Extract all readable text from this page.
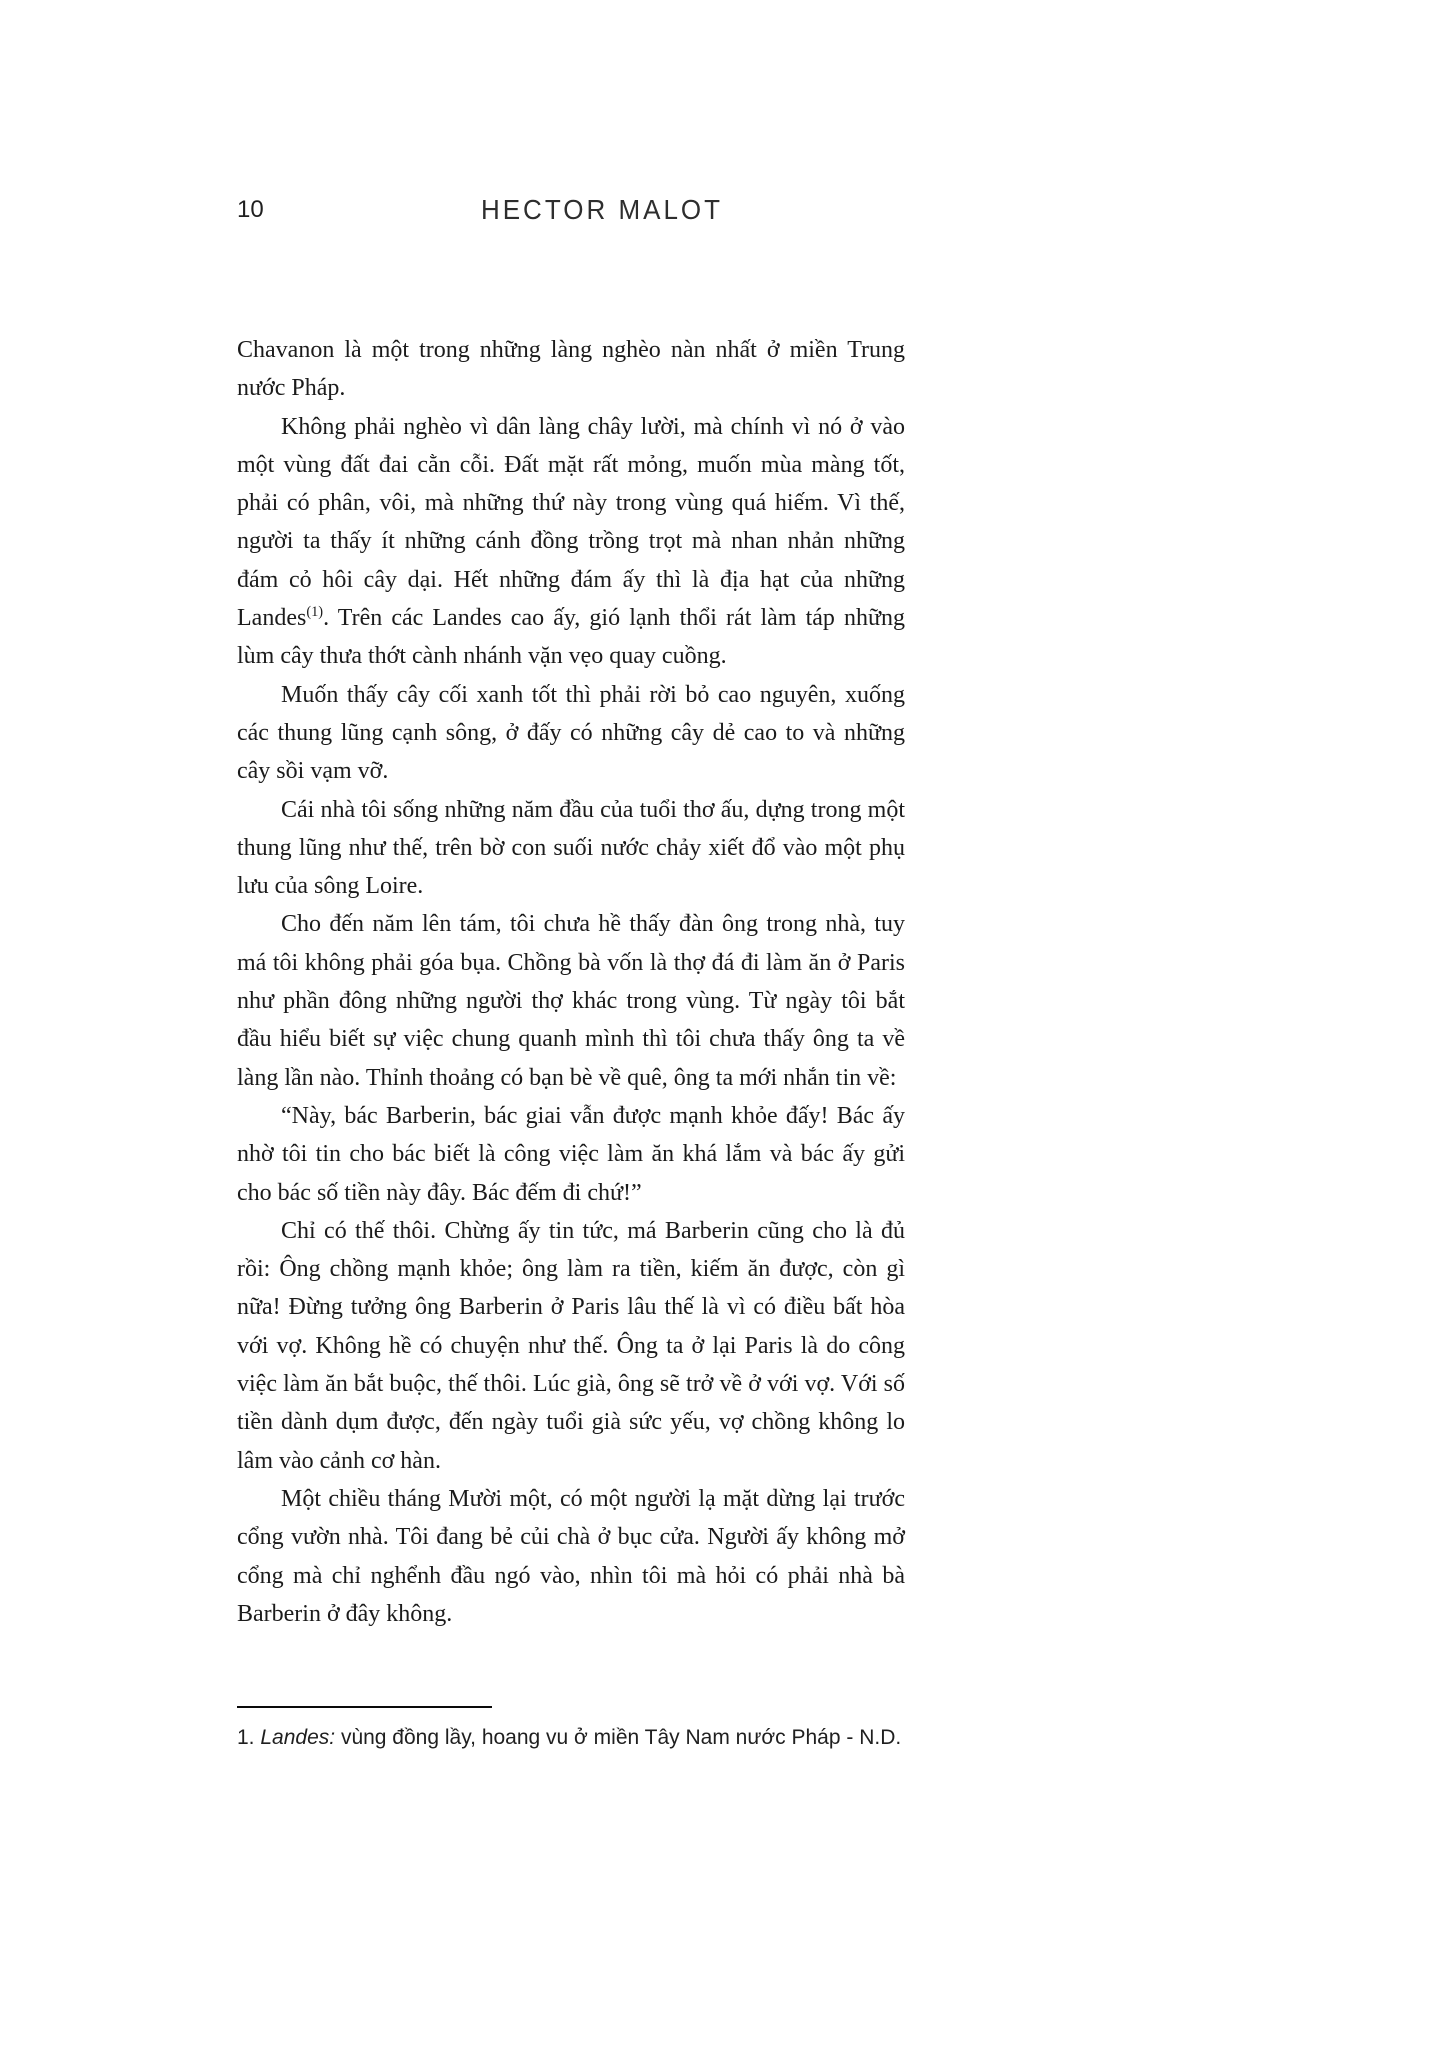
10	HECTOR MALOT

Chavanon là một trong những làng nghèo nàn nhất ở miền Trung nước Pháp.

Không phải nghèo vì dân làng chây lười, mà chính vì nó ở vào một vùng đất đai cằn cỗi. Đất mặt rất mỏng, muốn mùa màng tốt, phải có phân, vôi, mà những thứ này trong vùng quá hiếm. Vì thế, người ta thấy ít những cánh đồng trồng trọt mà nhan nhản những đám cỏ hôi cây dại. Hết những đám ấy thì là địa hạt của những Landes$^{(1)}$. Trên các Landes cao ấy, gió lạnh thổi rát làm táp những lùm cây thưa thớt cành nhánh vặn vẹo quay cuồng.

Muốn thấy cây cối xanh tốt thì phải rời bỏ cao nguyên, xuống các thung lũng cạnh sông, ở đấy có những cây dẻ cao to và những cây sồi vạm vỡ.

Cái nhà tôi sống những năm đầu của tuổi thơ ấu, dựng trong một thung lũng như thế, trên bờ con suối nước chảy xiết đổ vào một phụ lưu của sông Loire.

Cho đến năm lên tám, tôi chưa hề thấy đàn ông trong nhà, tuy má tôi không phải góa bụa. Chồng bà vốn là thợ đá đi làm ăn ở Paris như phần đông những người thợ khác trong vùng. Từ ngày tôi bắt đầu hiểu biết sự việc chung quanh mình thì tôi chưa thấy ông ta về làng lần nào. Thỉnh thoảng có bạn bè về quê, ông ta mới nhắn tin về:

“Này, bác Barberin, bác giai vẫn được mạnh khỏe đấy! Bác ấy nhờ tôi tin cho bác biết là công việc làm ăn khá lắm và bác ấy gửi cho bác số tiền này đây. Bác đếm đi chứ!”

Chỉ có thế thôi. Chừng ấy tin tức, má Barberin cũng cho là đủ rồi: Ông chồng mạnh khỏe; ông làm ra tiền, kiếm ăn được, còn gì nữa! Đừng tưởng ông Barberin ở Paris lâu thế là vì có điều bất hòa với vợ. Không hề có chuyện như thế. Ông ta ở lại Paris là do công việc làm ăn bắt buộc, thế thôi. Lúc già, ông sẽ trở về ở với vợ. Với số tiền dành dụm được, đến ngày tuổi già sức yếu, vợ chồng không lo lâm vào cảnh cơ hàn.

Một chiều tháng Mười một, có một người lạ mặt dừng lại trước cổng vườn nhà. Tôi đang bẻ củi chà ở bục cửa. Người ấy không mở cổng mà chỉ nghểnh đầu ngó vào, nhìn tôi mà hỏi có phải nhà bà Barberin ở đây không.

1. Landes: vùng đồng lầy, hoang vu ở miền Tây Nam nước Pháp - N.D.
